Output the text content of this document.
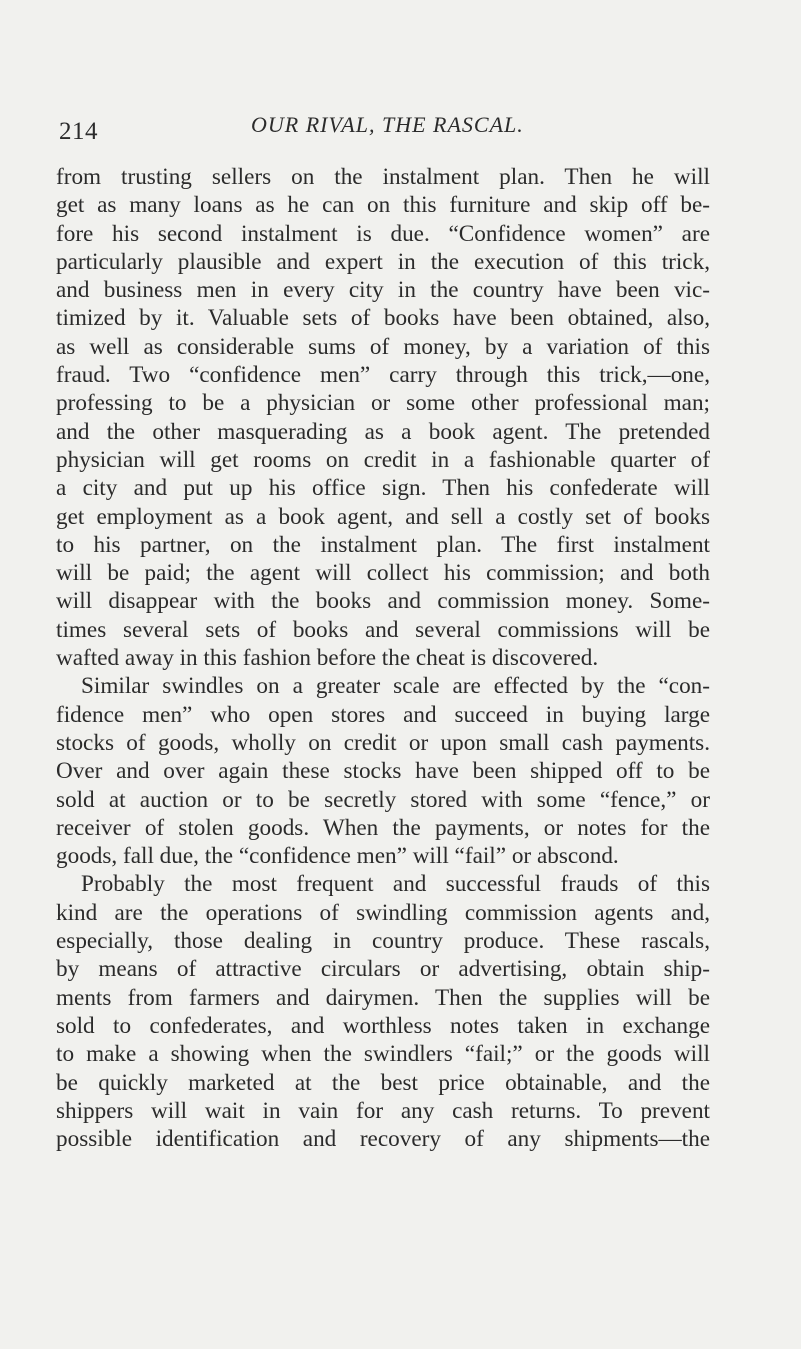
214	OUR RIVAL, THE RASCAL.
from trusting sellers on the instalment plan. Then he will
get as many loans as he can on this furniture and skip off be-
fore his second instalment is due. “Confidence women” are
particularly plausible and expert in the execution of this trick,
and business men in every city in the country have been vic-
timized by it. Valuable sets of books have been obtained, also,
as well as considerable sums of money, by a variation of this
fraud. Two “confidence men” carry through this trick,—one,
professing to be a physician or some other professional man;
and the other masquerading as a book agent. The pretended
physician will get rooms on credit in a fashionable quarter of
a city and put up his office sign. Then his confederate will
get employment as a book agent, and sell a costly set of books
to his partner, on the instalment plan. The first instalment
will be paid; the agent will collect his commission; and both
will disappear with the books and commission money. Some-
times several sets of books and several commissions will be
wafted away in this fashion before the cheat is discovered.
Similar swindles on a greater scale are effected by the “con-
fidence men” who open stores and succeed in buying large
stocks of goods, wholly on credit or upon small cash payments.
Over and over again these stocks have been shipped off to be
sold at auction or to be secretly stored with some “fence,” or
receiver of stolen goods. When the payments, or notes for the
goods, fall due, the “confidence men” will “fail” or abscond.
Probably the most frequent and successful frauds of this
kind are the operations of swindling commission agents and,
especially, those dealing in country produce. These rascals,
by means of attractive circulars or advertising, obtain ship-
ments from farmers and dairymen. Then the supplies will be
sold to confederates, and worthless notes taken in exchange
to make a showing when the swindlers “fail;” or the goods will
be quickly marketed at the best price obtainable, and the
shippers will wait in vain for any cash returns. To prevent
possible identification and recovery of any shipments—the
